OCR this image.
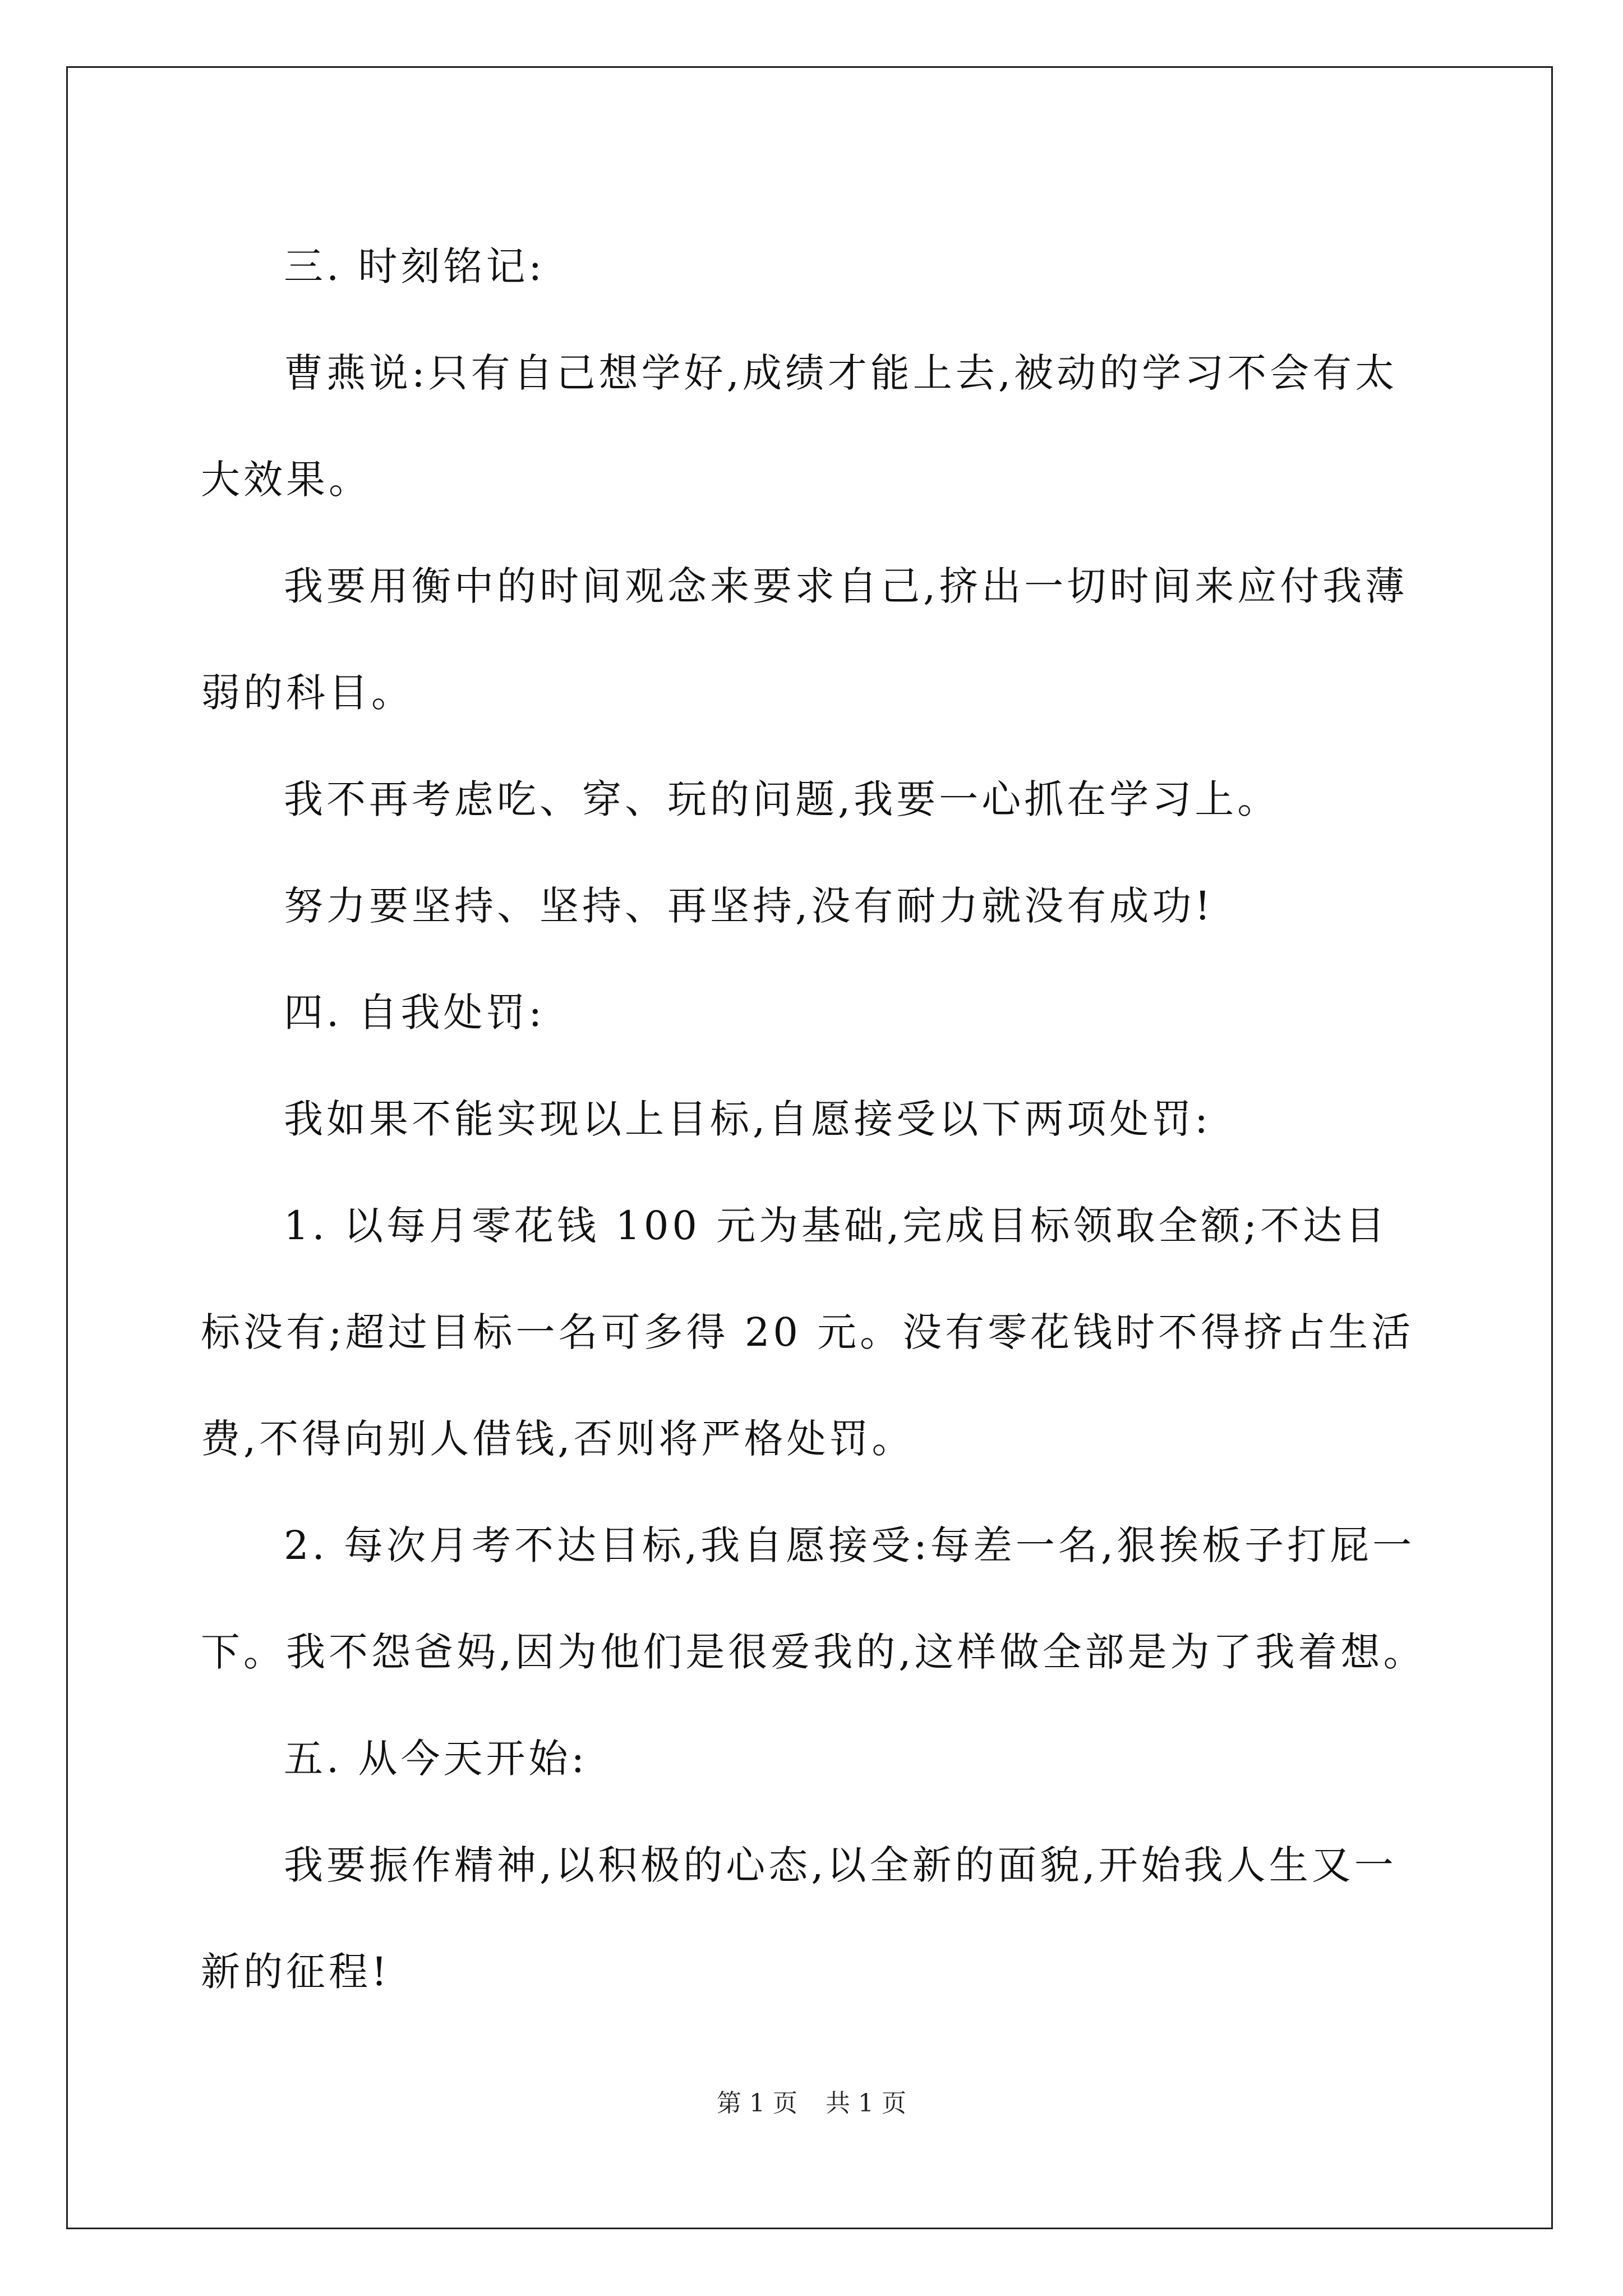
三. 时刻铭记:

曹燕说:只有自己想学好,成绩才能上去,被动的学习不会有太大效果。

我要用衡中的时间观念来要求自己,挤出一切时间来应付我薄弱的科目。

我不再考虑吃、穿、玩的问题,我要一心抓在学习上。

努力要坚持、坚持、再坚持,没有耐力就没有成功!

四. 自我处罚:

我如果不能实现以上目标,自愿接受以下两项处罚:

1. 以每月零花钱 100 元为基础,完成目标领取全额;不达目标没有;超过目标一名可多得 20 元。没有零花钱时不得挤占生活费,不得向别人借钱,否则将严格处罚。

2. 每次月考不达目标,我自愿接受:每差一名,狠挨板子打屁一下。我不怨爸妈,因为他们是很爱我的,这样做全部是为了我着想。

五. 从今天开始:

我要振作精神,以积极的心态,以全新的面貌,开始我人生又一新的征程!

第 1 页 共 1 页
